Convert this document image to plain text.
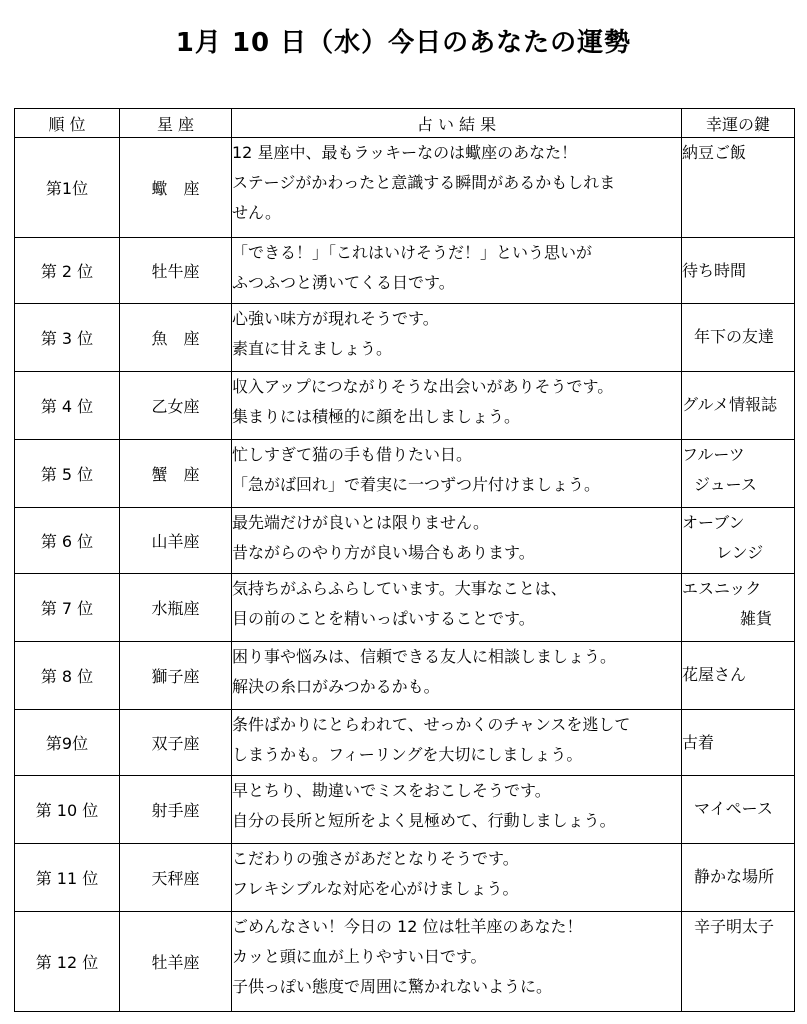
1月 10 日（水）今日のあなたの運勢
順 位	星 座	占 い 結 果	幸運の鍵
第1位	蠍　座	12 星座中、最もラッキーなのは蠍座のあなた！
ステージがかわったと意識する瞬間があるかもしれま
せん。	納豆ご飯

第 2 位	牡牛座	「できる！」「これはいけそうだ！」という思いが
ふつふつと湧いてくる日です。	待ち時間

第 3 位	魚　座	心強い味方が現れそうです。
素直に甘えましょう。	年下の友達

第 4 位	乙女座	収入アップにつながりそうな出会いがありそうです。
集まりには積極的に顔を出しましょう。	グルメ情報誌

第 5 位	蟹　座	忙しすぎて猫の手も借りたい日。
「急がば回れ」で着実に一つずつ片付けましょう。	フルーツ
ジュース

第 6 位	山羊座	最先端だけが良いとは限りません。
昔ながらのやり方が良い場合もあります。	オーブン
レンジ

第 7 位	水瓶座	気持ちがふらふらしています。大事なことは、
目の前のことを精いっぱいすることです。	エスニック
雑貨

第 8 位	獅子座	困り事や悩みは、信頼できる友人に相談しましょう。
解決の糸口がみつかるかも。	花屋さん

第9位	双子座	条件ばかりにとらわれて、せっかくのチャンスを逃して
しまうかも。フィーリングを大切にしましょう。	古着

第 10 位	射手座	早とちり、勘違いでミスをおこしそうです。
自分の長所と短所をよく見極めて、行動しましょう。	マイペース

第 11 位	天秤座	こだわりの強さがあだとなりそうです。
フレキシブルな対応を心がけましょう。	静かな場所

第 12 位	牡羊座	ごめんなさい！今日の 12 位は牡羊座のあなた！
カッと頭に血が上りやすい日です。
子供っぽい態度で周囲に驚かれないように。	辛子明太子
